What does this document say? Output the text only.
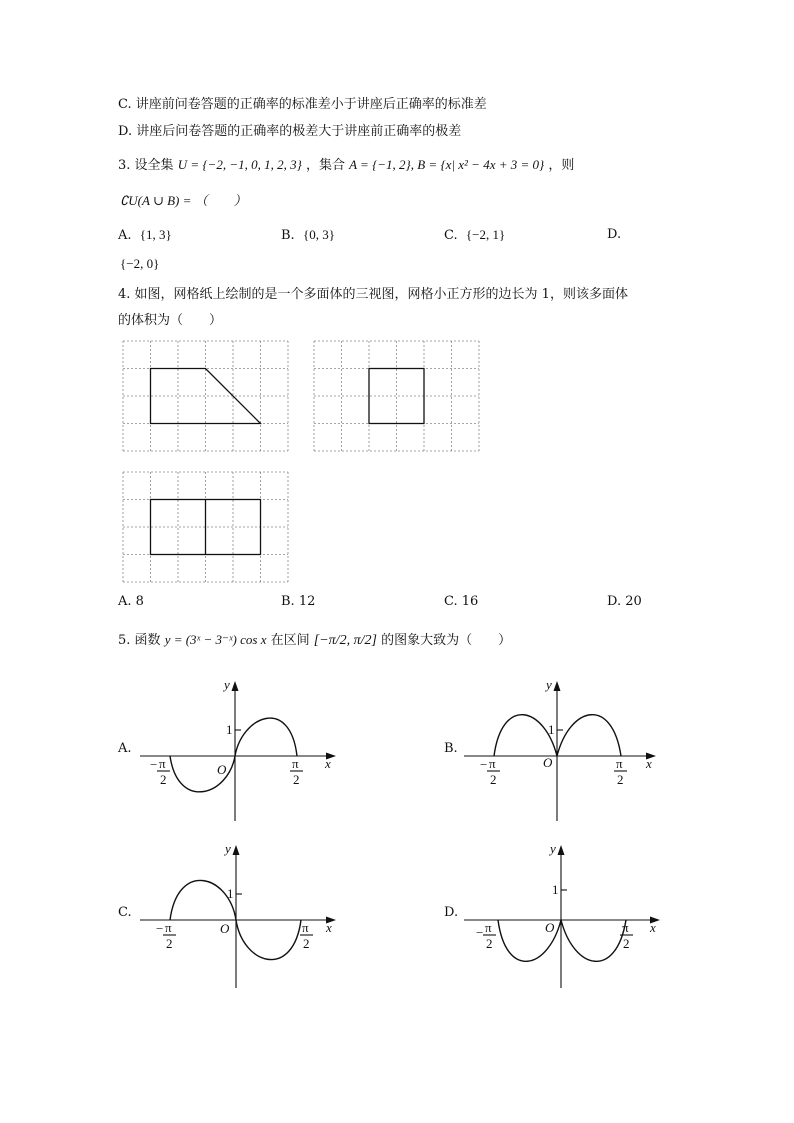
C. 讲座前问卷答题的正确率的标准差小于讲座后正确率的标准差
D. 讲座后问卷答题的正确率的极差大于讲座前正确率的极差
3. 设全集 U = {−2, −1, 0, 1, 2, 3} ，集合 A = {−1, 2}, B = {x| x² − 4x + 3 = 0} ，则
∁U(A ∪ B) = （　　）
A. {1, 3}	B. {0, 3}	C. {−2, 1}	D.
{−2, 0}
4. 如图，网格纸上绘制的是一个多面体的三视图，网格小正方形的边长为 1，则该多面体
的体积为（　　）
A. 8	B. 12	C. 16	D. 20
5. 函数 y = (3ˣ − 3⁻ˣ) cos x 在区间 [−π/2, π/2] 的图象大致为（　　）
A.
y
x
O
1
− π
2
π
2
B.
y
x
O
1
− π
2
π
2
C.
y
x
O
1
− π
2
π
2
D.
y
x
O
1
− π
2
π
2
